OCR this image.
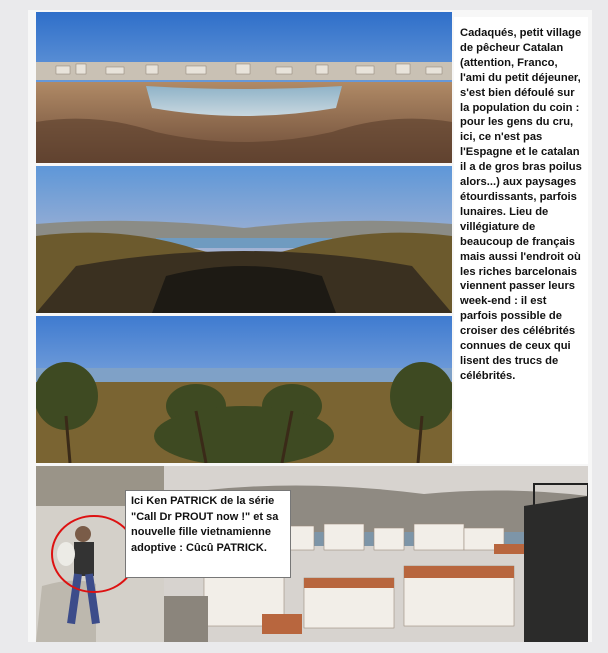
Cadaqués, petit village de pêcheur Catalan (attention, Franco, l'ami du petit déjeuner, s'est bien défoulé sur la population du coin : pour les gens du cru, ici, ce n'est pas l'Espagne et le catalan il a de gros bras poilus alors...) aux paysages étourdissants, parfois lunaires. Lieu de villégiature de beaucoup de français mais aussi l'endroit où les riches barcelonais viennent passer leurs week-end : il est parfois possible de croiser des célébrités connues de ceux qui lisent des trucs de célébrités.
Ici Ken PATRICK de la série "Call Dr PROUT now !" et sa nouvelle fille vietnamienne adoptive : Cûcû PATRICK.
